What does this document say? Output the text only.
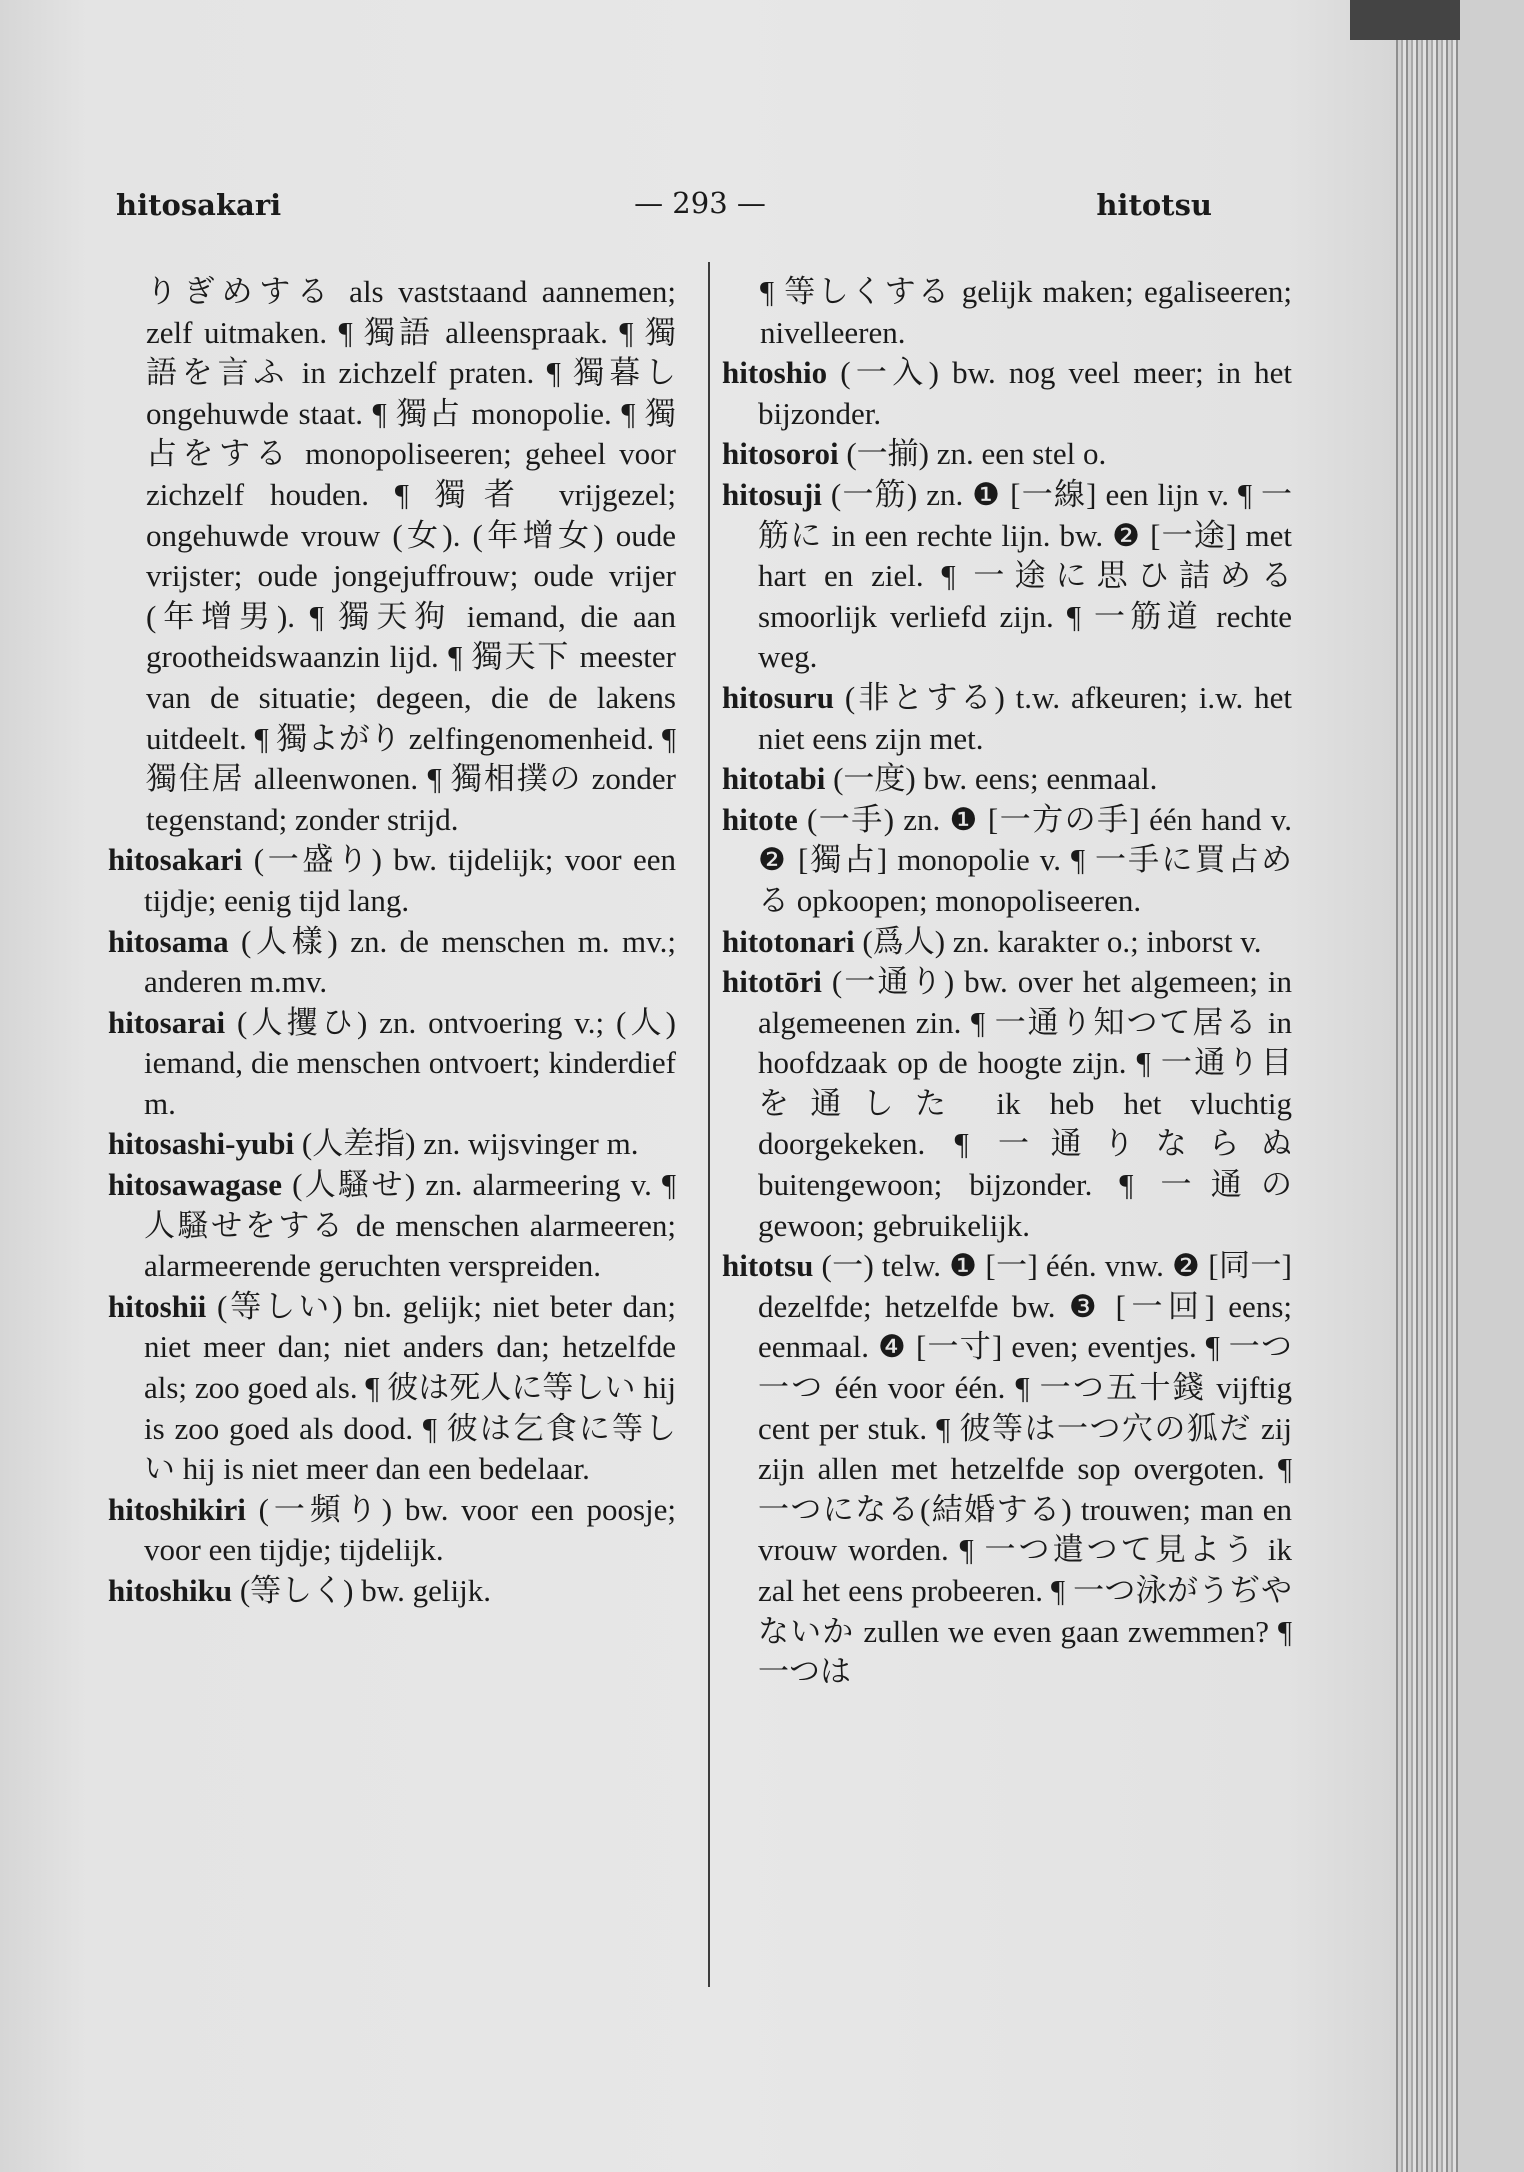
hitosakari	— 293 —	hitotsu

りぎめする als vaststaand aannemen; zelf uitmaken. ¶ 獨語 alleenspraak. ¶ 獨語を言ふ in zichzelf praten. ¶ 獨暮し ongehuwde staat. ¶ 獨占 monopolie. ¶ 獨占をする monopoliseeren; geheel voor zichzelf houden. ¶ 獨者 vrijgezel; ongehuwde vrouw (女). (年增女) oude vrijster; oude jongejuffrouw; oude vrijer (年增男). ¶ 獨天狗 iemand, die aan grootheidswaanzin lijd. ¶ 獨天下 meester van de situatie; degeen, die de lakens uitdeelt. ¶ 獨よがり zelfingenomenheid. ¶ 獨住居 alleenwonen. ¶ 獨相撲の zonder tegenstand; zonder strijd.

hitosakari (一盛り) bw. tijdelijk; voor een tijdje; eenig tijd lang.

hitosama (人樣) zn. de menschen m. mv.; anderen m.mv.

hitosarai (人攫ひ) zn. ontvoering v.; (人) iemand, die menschen ontvoert; kinderdief m.

hitosashi-yubi (人差指) zn. wijsvinger m.

hitosawagase (人騷せ) zn. alarmeering v. ¶ 人騷せをする de menschen alarmeeren; alarmeerende geruchten verspreiden.

hitoshii (等しい) bn. gelijk; niet beter dan; niet meer dan; niet anders dan; hetzelfde als; zoo goed als. ¶ 彼は死人に等しい hij is zoo goed als dood. ¶ 彼は乞食に等しい hij is niet meer dan een bedelaar.

hitoshikiri (一頻り) bw. voor een poosje; voor een tijdje; tijdelijk.

hitoshiku (等しく) bw. gelijk.

¶ 等しくする gelijk maken; egaliseeren; nivelleeren.

hitoshio (一入) bw. nog veel meer; in het bijzonder.

hitosoroi (一揃) zn. een stel o.

hitosuji (一筋) zn. ❶ [一線] een lijn v. ¶ 一筋に in een rechte lijn. bw. ❷ [一途] met hart en ziel. ¶ 一途に思ひ詰める smoorlijk verliefd zijn. ¶ 一筋道 rechte weg.

hitosuru (非とする) t.w. afkeuren; i.w. het niet eens zijn met.

hitotabi (一度) bw. eens; eenmaal.

hitote (一手) zn. ❶ [一方の手] één hand v. ❷ [獨占] monopolie v. ¶ 一手に買占める opkoopen; monopoliseeren.

hitotonari (爲人) zn. karakter o.; inborst v.

hitotōri (一通り) bw. over het algemeen; in algemeenen zin. ¶ 一通り知つて居る in hoofdzaak op de hoogte zijn. ¶ 一通り目を通した ik heb het vluchtig doorgekeken. ¶ 一通りならぬ buitengewoon; bijzonder. ¶ 一通の gewoon; gebruikelijk.

hitotsu (一) telw. ❶ [一] één. vnw. ❷ [同一] dezelfde; hetzelfde bw. ❸ [一回] eens; eenmaal. ❹ [一寸] even; eventjes. ¶ 一つ一つ één voor één. ¶ 一つ五十錢 vijftig cent per stuk. ¶ 彼等は一つ穴の狐だ zij zijn allen met hetzelfde sop overgoten. ¶ 一つになる(結婚する) trouwen; man en vrouw worden. ¶ 一つ遣つて見よう ik zal het eens probeeren. ¶ 一つ泳がうぢやないか zullen we even gaan zwemmen? ¶ 一つは
